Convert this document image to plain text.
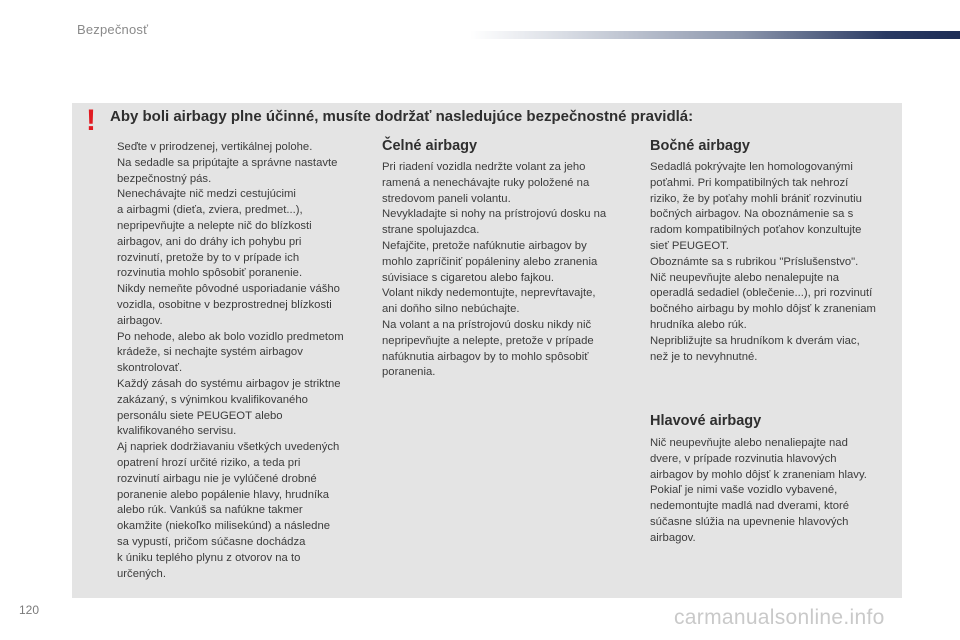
Bezpečnosť
! Aby boli airbagy plne účinné, musíte dodržať nasledujúce bezpečnostné pravidlá:

Seďte v prirodzenej, vertikálnej polohe.

Na sedadle sa pripútajte a správne nastavte

bezpečnostný pás.

Nenechávajte nič medzi cestujúcimi

a airbagmi (dieťa, zviera, predmet...),

nepripevňujte a nelepte nič do blízkosti

airbagov, ani do dráhy ich pohybu pri

rozvinutí, pretože by to v prípade ich

rozvinutia mohlo spôsobiť poranenie.

Nikdy nemeňte pôvodné usporiadanie vášho

vozidla, osobitne v bezprostrednej blízkosti

airbagov.

Po nehode, alebo ak bolo vozidlo predmetom

krádeže, si nechajte systém airbagov

skontrolovať.

Každý zásah do systému airbagov je striktne

zakázaný, s výnimkou kvalifikovaného

personálu siete PEUGEOT alebo

kvalifikovaného servisu.

Aj napriek dodržiavaniu všetkých uvedených

opatrení hrozí určité riziko, a teda pri

rozvinutí airbagu nie je vylúčené drobné

poranenie alebo popálenie hlavy, hrudníka

alebo rúk. Vankúš sa nafúkne takmer

okamžite (niekoľko milisekúnd) a následne

sa vypustí, pričom súčasne dochádza

k úniku teplého plynu z otvorov na to

určených.

Čelné airbagy

Pri riadení vozidla nedržte volant za jeho

ramená a nenechávajte ruky položené na

stredovom paneli volantu.

Nevykladajte si nohy na prístrojovú dosku na

strane spolujazdca.

Nefajčite, pretože nafúknutie airbagov by

mohlo zapríčiniť popáleniny alebo zranenia

súvisiace s cigaretou alebo fajkou.

Volant nikdy nedemontujte, neprevŕtavajte,

ani doňho silno nebúchajte.

Na volant a na prístrojovú dosku nikdy nič

nepripevňujte a nelepte, pretože v prípade

nafúknutia airbagov by to mohlo spôsobiť

poranenia.

Bočné airbagy

Sedadlá pokrývajte len homologovanými

poťahmi. Pri kompatibilných tak nehrozí

riziko, že by poťahy mohli brániť rozvinutiu

bočných airbagov. Na oboznámenie sa s

radom kompatibilných poťahov konzultujte

sieť PEUGEOT.

Oboznámte sa s rubrikou "Príslušenstvo".

Nič neupevňujte alebo nenalepujte na

operadlá sedadiel (oblečenie...), pri rozvinutí

bočného airbagu by mohlo dôjsť k zraneniam

hrudníka alebo rúk.

Nepribližujte sa hrudníkom k dverám viac,

než je to nevyhnutné.

Hlavové airbagy

Nič neupevňujte alebo nenaliepajte nad

dvere, v prípade rozvinutia hlavových

airbagov by mohlo dôjsť k zraneniam hlavy.

Pokiaľ je nimi vaše vozidlo vybavené,

nedemontujte madlá nad dverami, ktoré

súčasne slúžia na upevnenie hlavových

airbagov.

120	carmanualsonline.info
